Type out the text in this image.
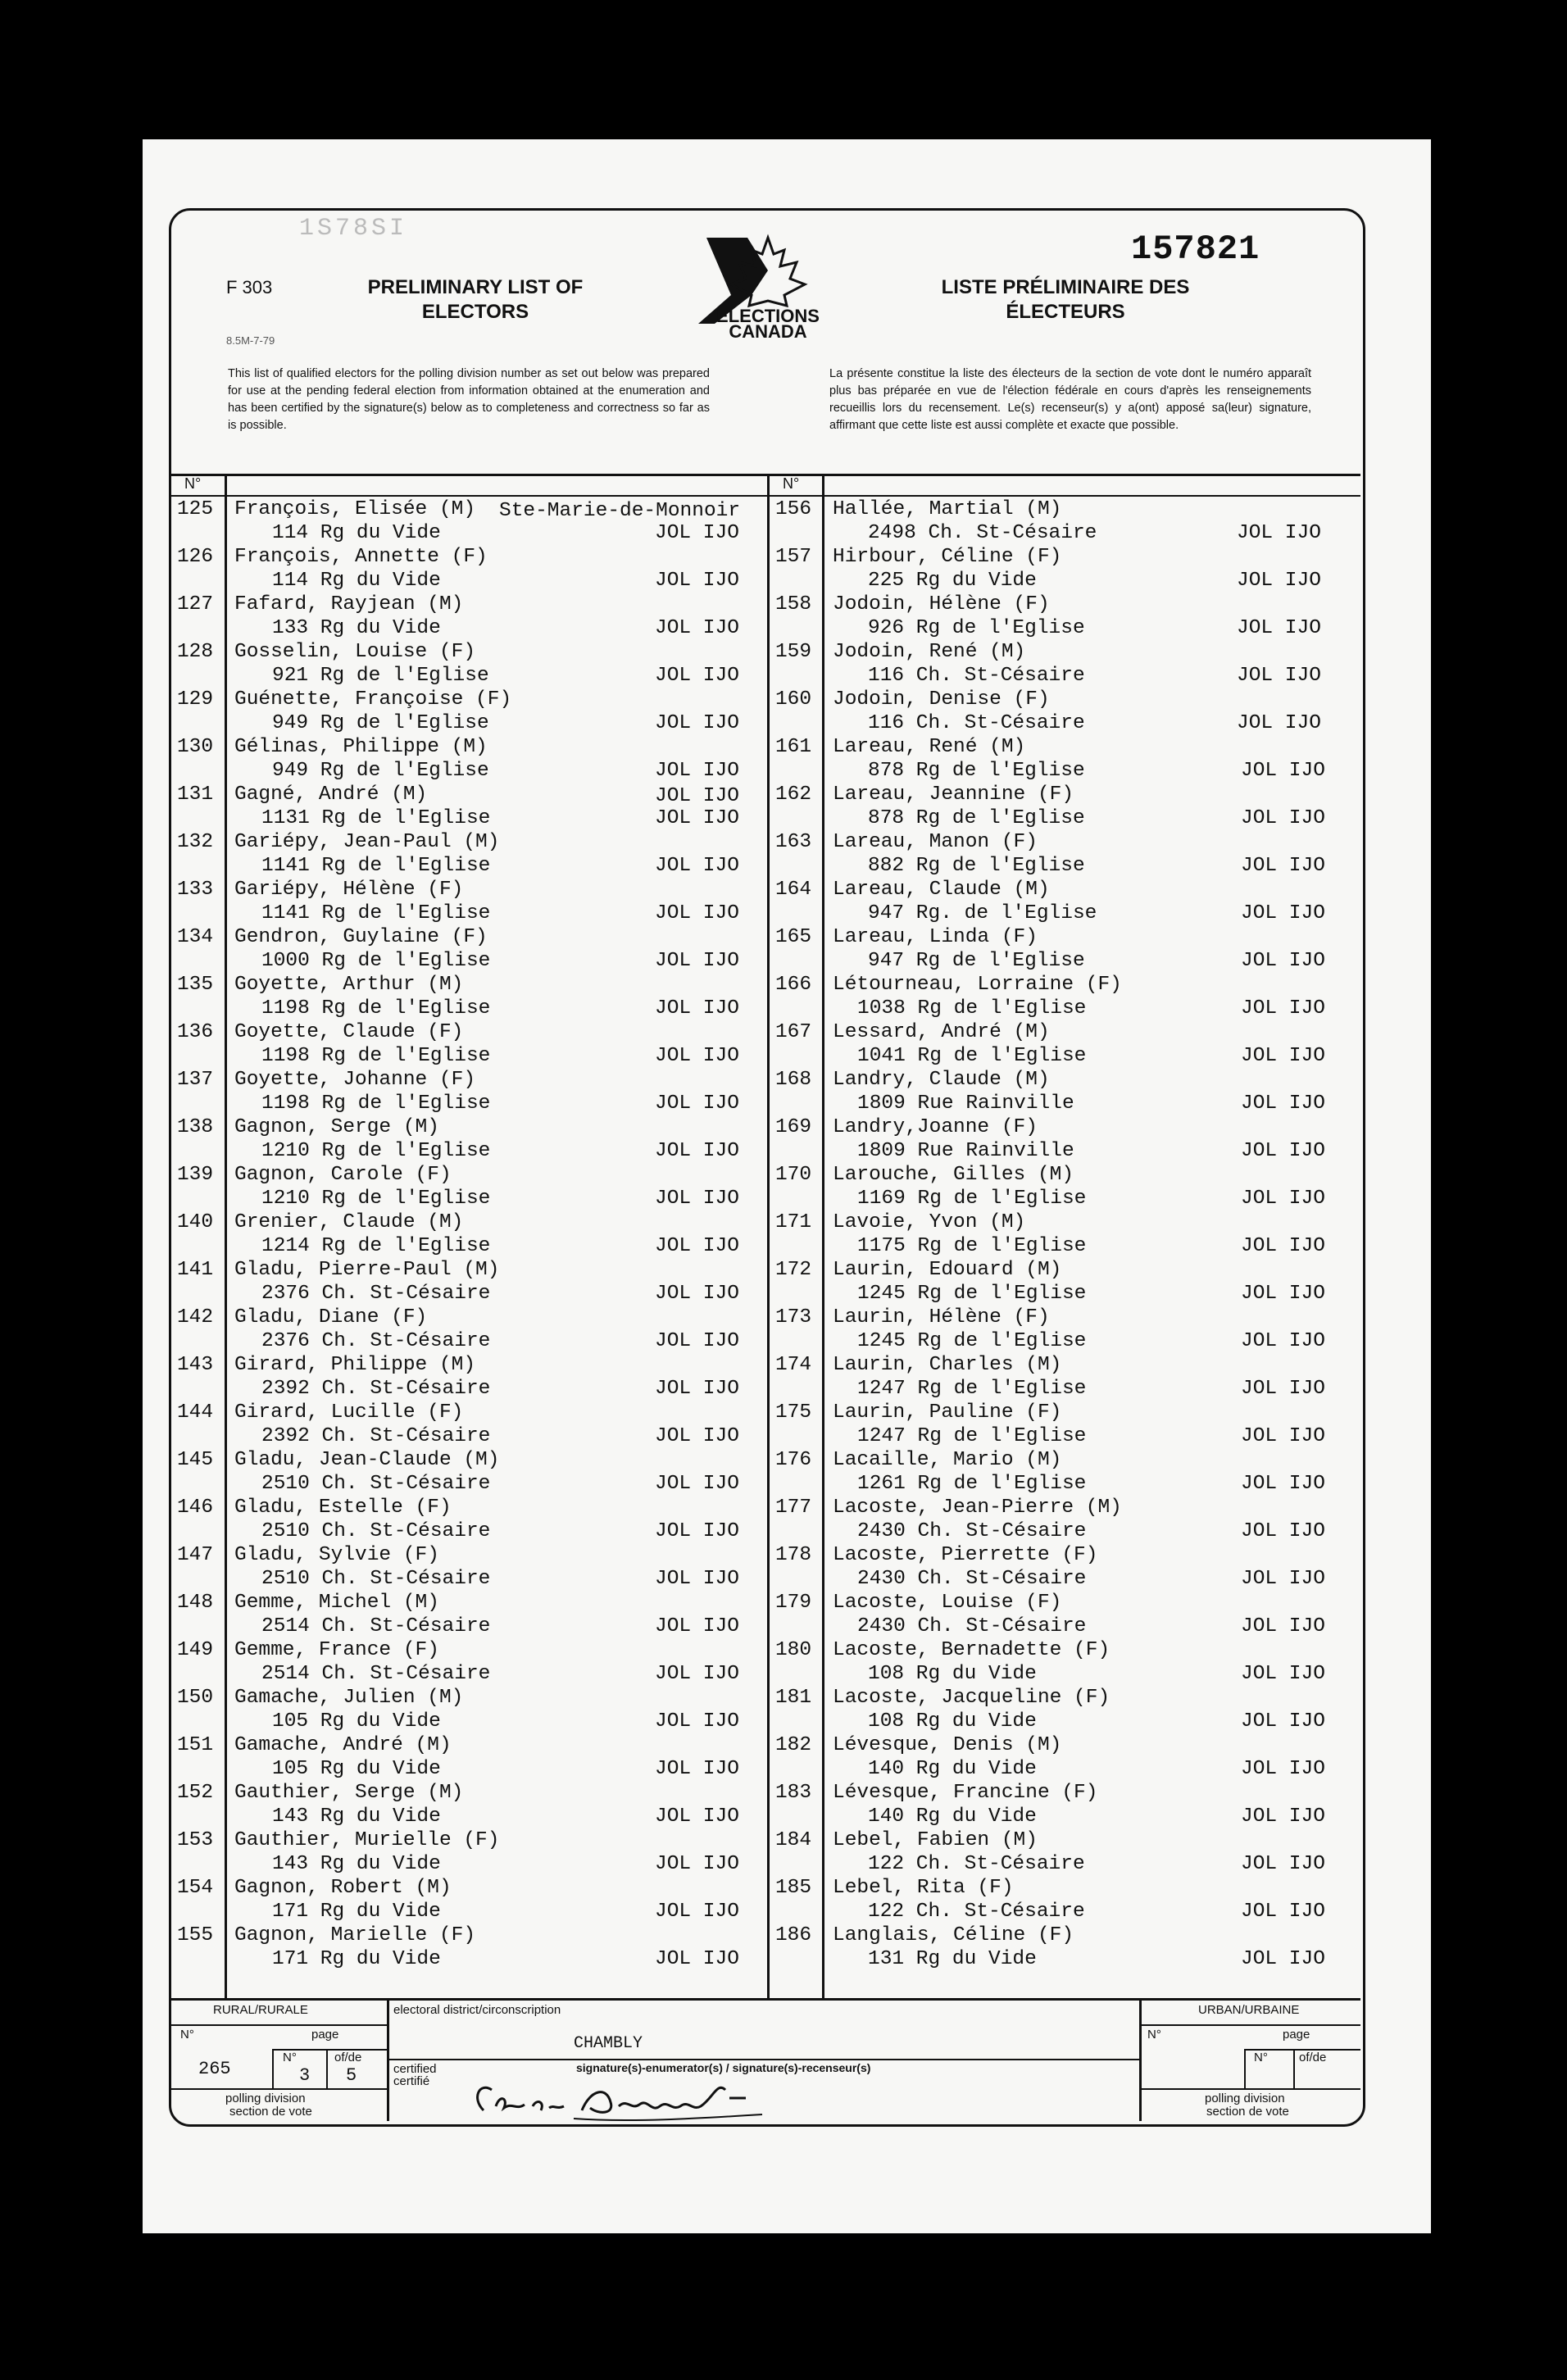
1S78SI
157821
F 303
8.5M-7-79
PRELIMINARY LIST OF ELECTORS
LISTE PRÉLIMINAIRE DES ÉLECTEURS
ELECTIONS
CANADA
This list of qualified electors for the polling division number as set out below was prepared for use at the pending federal election from information obtained at the enumeration and has been certified by the signature(s) below as to completeness and correctness so far as is possible.
La présente constitue la liste des électeurs de la section de vote dont le numéro apparaît plus bas préparée en vue de l'élection fédérale en cours d'après les renseignements recueillis lors du recensement. Le(s) recenseur(s) y a(ont) apposé sa(leur) signature, affirmant que cette liste est aussi complète et exacte que possible.
N°	N°
125 François, Elisée (M) Ste-Marie-de-Monnoir
114 Rg du Vide	JOL IJO
126 François, Annette (F)
114 Rg du Vide	JOL IJO
127 Fafard, Rayjean (M)
133 Rg du Vide	JOL IJO
128 Gosselin, Louise (F)
921 Rg de l'Eglise	JOL IJO
129 Guénette, Françoise (F)
949 Rg de l'Eglise	JOL IJO
130 Gélinas, Philippe (M)
949 Rg de l'Eglise	JOL IJO
131 Gagné, André (M)	JOL IJO
1131 Rg de l'Eglise	JOL IJO
132 Gariépy, Jean-Paul (M)
1141 Rg de l'Eglise	JOL IJO
133 Gariépy, Hélène (F)
1141 Rg de l'Eglise	JOL IJO
134 Gendron, Guylaine (F)
1000 Rg de l'Eglise	JOL IJO
135 Goyette, Arthur (M)
1198 Rg de l'Eglise	JOL IJO
136 Goyette, Claude (F)
1198 Rg de l'Eglise	JOL IJO
137 Goyette, Johanne (F)
1198 Rg de l'Eglise	JOL IJO
138 Gagnon, Serge (M)
1210 Rg de l'Eglise	JOL IJO
139 Gagnon, Carole (F)
1210 Rg de l'Eglise	JOL IJO
140 Grenier, Claude (M)
1214 Rg de l'Eglise	JOL IJO
141 Gladu, Pierre-Paul (M)
2376 Ch. St-Césaire	JOL IJO
142 Gladu, Diane (F)
2376 Ch. St-Césaire	JOL IJO
143 Girard, Philippe (M)
2392 Ch. St-Césaire	JOL IJO
144 Girard, Lucille (F)
2392 Ch. St-Césaire	JOL IJO
145 Gladu, Jean-Claude (M)
2510 Ch. St-Césaire	JOL IJO
146 Gladu, Estelle (F)
2510 Ch. St-Césaire	JOL IJO
147 Gladu, Sylvie (F)
2510 Ch. St-Césaire	JOL IJO
148 Gemme, Michel (M)
2514 Ch. St-Césaire	JOL IJO
149 Gemme, France (F)
2514 Ch. St-Césaire	JOL IJO
150 Gamache, Julien (M)
105 Rg du Vide	JOL IJO
151 Gamache, André (M)
105 Rg du Vide	JOL IJO
152 Gauthier, Serge (M)
143 Rg du Vide	JOL IJO
153 Gauthier, Murielle (F)
143 Rg du Vide	JOL IJO
154 Gagnon, Robert (M)
171 Rg du Vide	JOL IJO
155 Gagnon, Marielle (F)
171 Rg du Vide	JOL IJO
156 Hallée, Martial (M)
2498 Ch. St-Césaire	JOL IJO
157 Hirbour, Céline (F)
225 Rg du Vide	JOL IJO
158 Jodoin, Hélène (F)
926 Rg de l'Eglise	JOL IJO
159 Jodoin, René (M)
116 Ch. St-Césaire	JOL IJO
160 Jodoin, Denise (F)
116 Ch. St-Césaire	JOL IJO
161 Lareau, René (M)
878 Rg de l'Eglise	JOL IJO
162 Lareau, Jeannine (F)
878 Rg de l'Eglise	JOL IJO
163 Lareau, Manon (F)
882 Rg de l'Eglise	JOL IJO
164 Lareau, Claude (M)
947 Rg. de l'Eglise	JOL IJO
165 Lareau, Linda (F)
947 Rg de l'Eglise	JOL IJO
166 Létourneau, Lorraine (F)
1038 Rg de l'Eglise	JOL IJO
167 Lessard, André (M)
1041 Rg de l'Eglise	JOL IJO
168 Landry, Claude (M)
1809 Rue Rainville	JOL IJO
169 Landry,Joanne (F)
1809 Rue Rainville	JOL IJO
170 Larouche, Gilles (M)
1169 Rg de l'Eglise	JOL IJO
171 Lavoie, Yvon (M)
1175 Rg de l'Eglise	JOL IJO
172 Laurin, Edouard (M)
1245 Rg de l'Eglise	JOL IJO
173 Laurin, Hélène (F)
1245 Rg de l'Eglise	JOL IJO
174 Laurin, Charles (M)
1247 Rg de l'Eglise	JOL IJO
175 Laurin, Pauline (F)
1247 Rg de l'Eglise	JOL IJO
176 Lacaille, Mario (M)
1261 Rg de l'Eglise	JOL IJO
177 Lacoste, Jean-Pierre (M)
2430 Ch. St-Césaire	JOL IJO
178 Lacoste, Pierrette (F)
2430 Ch. St-Césaire	JOL IJO
179 Lacoste, Louise (F)
2430 Ch. St-Césaire	JOL IJO
180 Lacoste, Bernadette (F)
108 Rg du Vide	JOL IJO
181 Lacoste, Jacqueline (F)
108 Rg du Vide	JOL IJO
182 Lévesque, Denis (M)
140 Rg du Vide	JOL IJO
183 Lévesque, Francine (F)
140 Rg du Vide	JOL IJO
184 Lebel, Fabien (M)
122 Ch. St-Césaire	JOL IJO
185 Lebel, Rita (F)
122 Ch. St-Césaire	JOL IJO
186 Langlais, Céline (F)
131 Rg du Vide	JOL IJO
RURAL/RURALE
N°	page
N°	of/de
265	3 5
polling division
section de vote
electoral district/circonscription
CHAMBLY
certified
certifié
signature(s)-enumerator(s) / signature(s)-recenseur(s)
URBAN/URBAINE
N°	page
N°	of/de
polling division
section de vote
